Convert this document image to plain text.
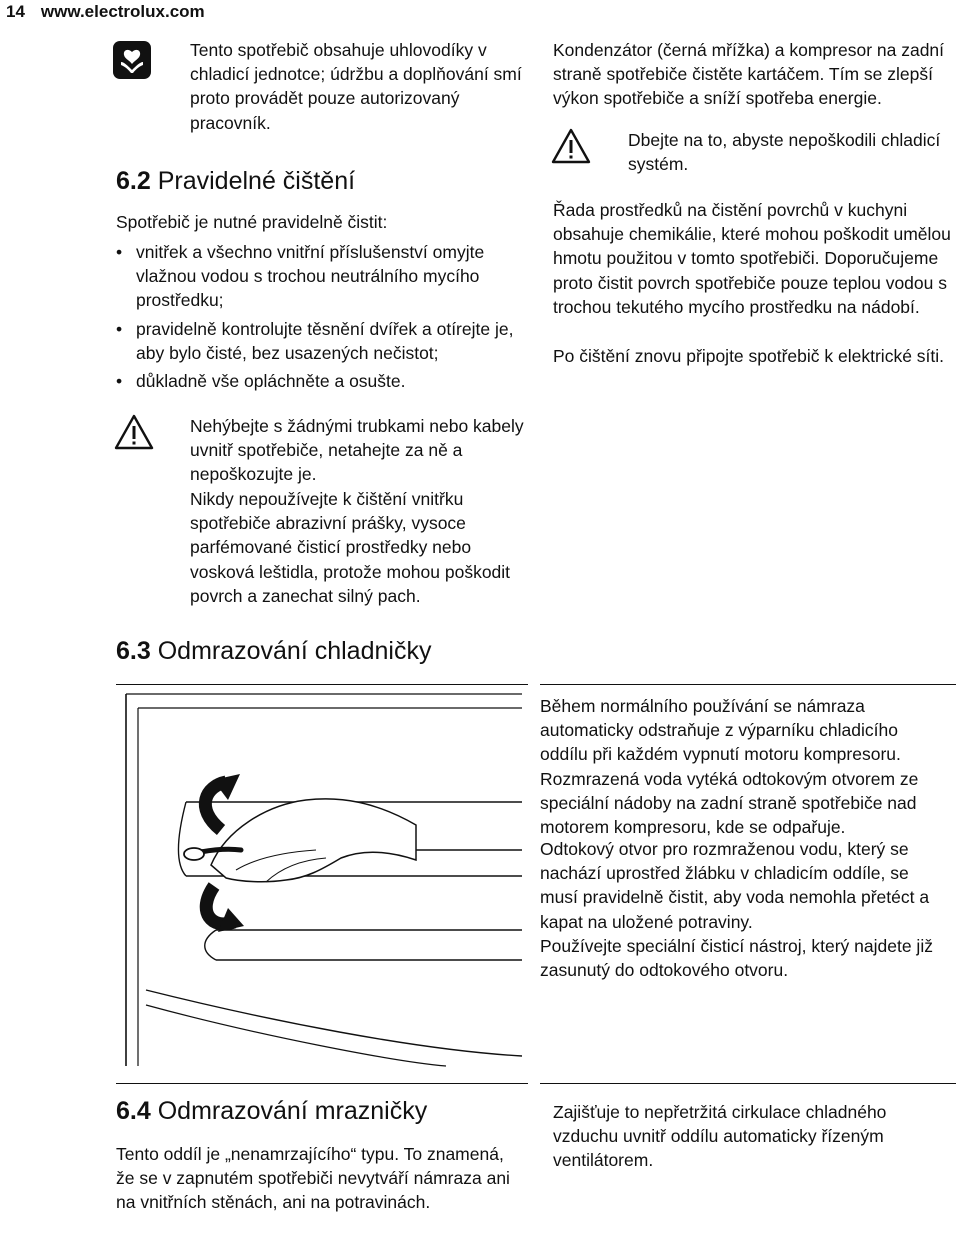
14 www.electrolux.com

Tento spotřebič obsahuje uhlovodíky v chladicí jednotce; údržbu a doplňování smí proto provádět pouze autorizovaný pracovník.

6.2 Pravidelné čištění

Spotřebič je nutné pravidelně čistit:

• vnitřek a všechno vnitřní příslušenství omyjte vlažnou vodou s trochou neutrálního mycího prostředku;
• pravidelně kontrolujte těsnění dvířek a otírejte je, aby bylo čisté, bez usazených nečistot;
• důkladně vše opláchněte a osušte.

Nehýbejte s žádnými trubkami nebo kabely uvnitř spotřebiče, netahejte za ně a nepoškozujte je.

Nikdy nepoužívejte k čištění vnitřku spotřebiče abrazivní prášky, vysoce parfémované čisticí prostředky nebo vosková leštidla, protože mohou poškodit povrch a zanechat silný pach.

Kondenzátor (černá mřížka) a kompresor na zadní straně spotřebiče čistěte kartáčem. Tím se zlepší výkon spotřebiče a sníží spotřeba energie.

Dbejte na to, abyste nepoškodili chladicí systém.

Řada prostředků na čistění povrchů v kuchyni obsahuje chemikálie, které mohou poškodit umělou hmotu použitou v tomto spotřebiči. Doporučujeme proto čistit povrch spotřebiče pouze teplou vodou s trochou tekutého mycího prostředku na nádobí.

Po čištění znovu připojte spotřebič k elektrické síti.

6.3 Odmrazování chladničky

Během normálního používání se námraza automaticky odstraňuje z výparníku chladicího oddílu při každém vypnutí motoru kompresoru. Rozmrazená voda vytéká odtokovým otvorem ze speciální nádoby na zadní straně spotřebiče nad motorem kompresoru, kde se odpařuje.

Odtokový otvor pro rozmraženou vodu, který se nachází uprostřed žlábku v chladicím oddíle, se musí pravidelně čistit, aby voda nemohla přetéct a kapat na uložené potraviny.

Používejte speciální čisticí nástroj, který najdete již zasunutý do odtokového otvoru.

6.4 Odmrazování mrazničky

Tento oddíl je „nenamrzajícího“ typu. To znamená, že se v zapnutém spotřebiči nevytváří námraza ani na vnitřních stěnách, ani na potravinách.

Zajišťuje to nepřetržitá cirkulace chladného vzduchu uvnitř oddílu automaticky řízeným ventilátorem.
